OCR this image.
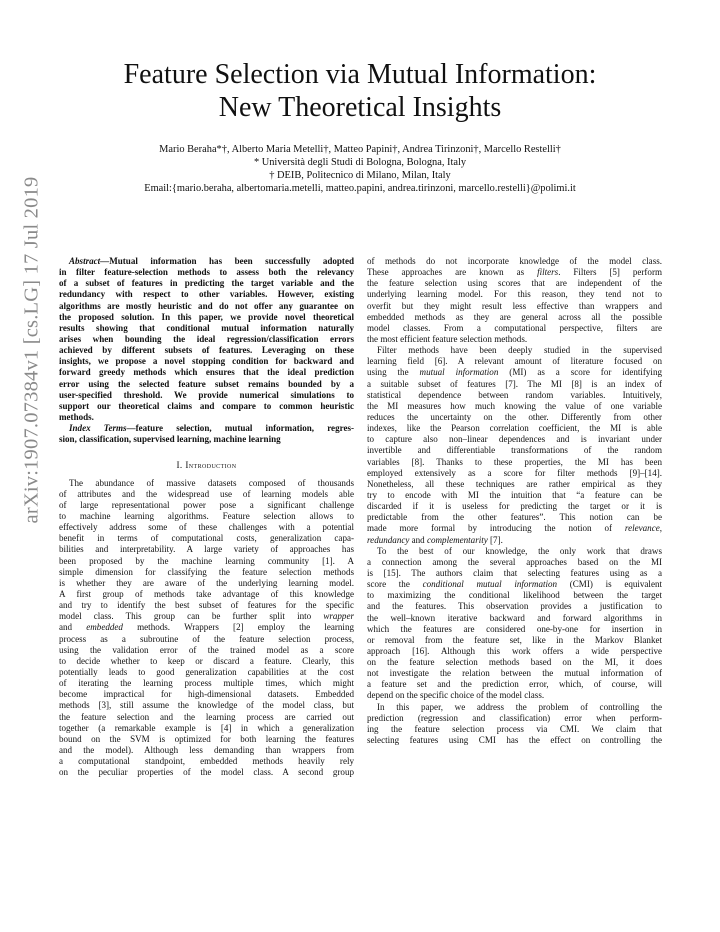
arXiv:1907.07384v1 [cs.LG] 17 Jul 2019
Feature Selection via Mutual Information:
New Theoretical Insights
Mario Beraha*†, Alberto Maria Metelli†, Matteo Papini†, Andrea Tirinzoni†, Marcello Restelli†
* Università degli Studi di Bologna, Bologna, Italy
† DEIB, Politecnico di Milano, Milan, Italy
Email:{mario.beraha, albertomaria.metelli, matteo.papini, andrea.tirinzoni, marcello.restelli}@polimi.it
Abstract—Mutual information has been successfully adopted
in filter feature-selection methods to assess both the relevancy
of a subset of features in predicting the target variable and the
redundancy with respect to other variables. However, existing
algorithms are mostly heuristic and do not offer any guarantee on
the proposed solution. In this paper, we provide novel theoretical
results showing that conditional mutual information naturally
arises when bounding the ideal regression/classification errors
achieved by different subsets of features. Leveraging on these
insights, we propose a novel stopping condition for backward and
forward greedy methods which ensures that the ideal prediction
error using the selected feature subset remains bounded by a
user-specified threshold. We provide numerical simulations to
support our theoretical claims and compare to common heuristic
methods.
Index Terms—feature selection, mutual information, regres-
sion, classification, supervised learning, machine learning
I. Introduction
The abundance of massive datasets composed of thousands
of attributes and the widespread use of learning models able
of large representational power pose a significant challenge
to machine learning algorithms. Feature selection allows to
effectively address some of these challenges with a potential
benefit in terms of computational costs, generalization capa-
bilities and interpretability. A large variety of approaches has
been proposed by the machine learning community [1]. A
simple dimension for classifying the feature selection methods
is whether they are aware of the underlying learning model.
A first group of methods take advantage of this knowledge
and try to identify the best subset of features for the specific
model class. This group can be further split into wrapper
and embedded methods. Wrappers [2] employ the learning
process as a subroutine of the feature selection process,
using the validation error of the trained model as a score
to decide whether to keep or discard a feature. Clearly, this
potentially leads to good generalization capabilities at the cost
of iterating the learning process multiple times, which might
become impractical for high-dimensional datasets. Embedded
methods [3], still assume the knowledge of the model class, but
the feature selection and the learning process are carried out
together (a remarkable example is [4] in which a generalization
bound on the SVM is optimized for both learning the features
and the model). Although less demanding than wrappers from
a computational standpoint, embedded methods heavily rely
on the peculiar properties of the model class. A second group
of methods do not incorporate knowledge of the model class.
These approaches are known as filters. Filters [5] perform
the feature selection using scores that are independent of the
underlying learning model. For this reason, they tend not to
overfit but they might result less effective than wrappers and
embedded methods as they are general across all the possible
model classes. From a computational perspective, filters are
the most efficient feature selection methods.
Filter methods have been deeply studied in the supervised
learning field [6]. A relevant amount of literature focused on
using the mutual information (MI) as a score for identifying
a suitable subset of features [7]. The MI [8] is an index of
statistical dependence between random variables. Intuitively,
the MI measures how much knowing the value of one variable
reduces the uncertainty on the other. Differently from other
indexes, like the Pearson correlation coefficient, the MI is able
to capture also non–linear dependences and is invariant under
invertible and differentiable transformations of the random
variables [8]. Thanks to these properties, the MI has been
employed extensively as a score for filter methods [9]–[14].
Nonetheless, all these techniques are rather empirical as they
try to encode with MI the intuition that “a feature can be
discarded if it is useless for predicting the target or it is
predictable from the other features”. This notion can be
made more formal by introducing the notion of relevance,
redundancy and complementarity [7].
To the best of our knowledge, the only work that draws
a connection among the several approaches based on the MI
is [15]. The authors claim that selecting features using as a
score the conditional mutual information (CMI) is equivalent
to maximizing the conditional likelihood between the target
and the features. This observation provides a justification to
the well–known iterative backward and forward algorithms in
which the features are considered one-by-one for insertion in
or removal from the feature set, like in the Markov Blanket
approach [16]. Although this work offers a wide perspective
on the feature selection methods based on the MI, it does
not investigate the relation between the mutual information of
a feature set and the prediction error, which, of course, will
depend on the specific choice of the model class.
In this paper, we address the problem of controlling the
prediction (regression and classification) error when perform-
ing the feature selection process via CMI. We claim that
selecting features using CMI has the effect on controlling the
